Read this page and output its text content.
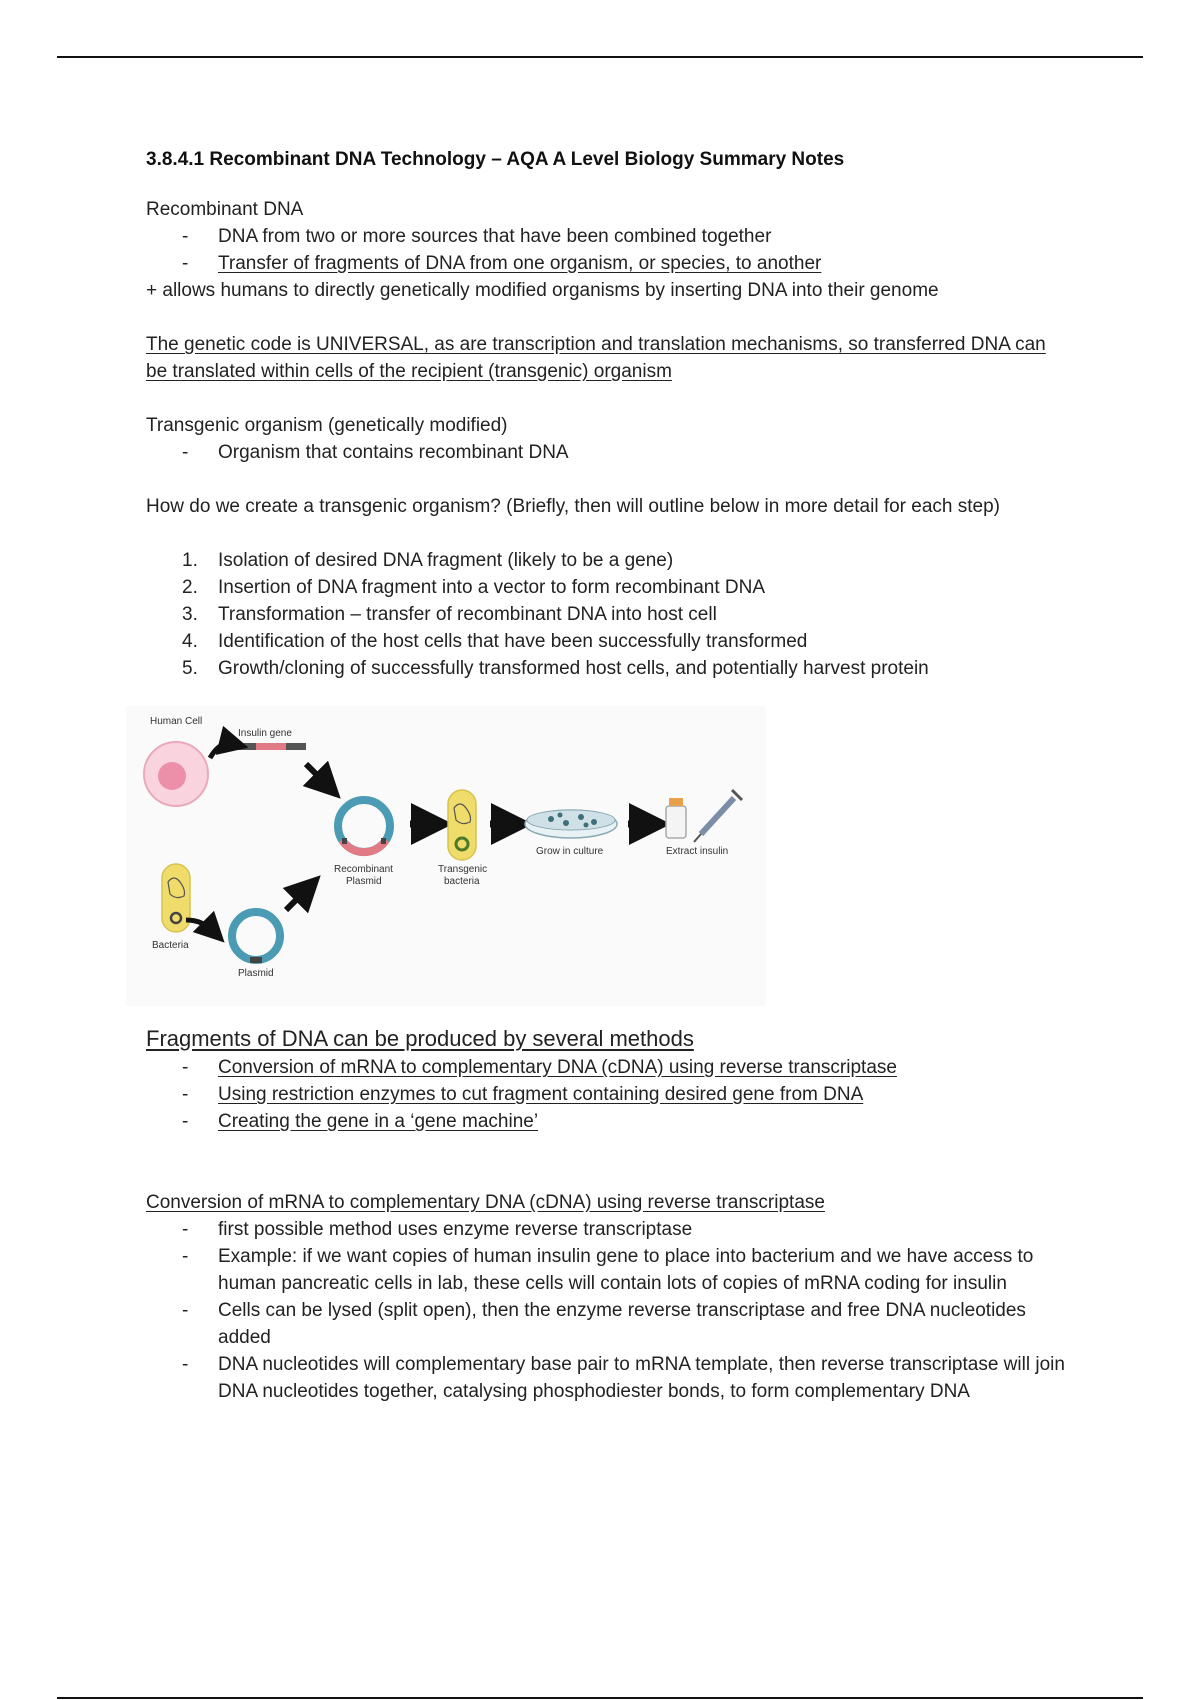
3.8.4.1 Recombinant DNA Technology – AQA A Level Biology Summary Notes

Recombinant DNA

- DNA from two or more sources that have been combined together
- Transfer of fragments of DNA from one organism, or species, to another

+ allows humans to directly genetically modified organisms by inserting DNA into their genome

The genetic code is UNIVERSAL, as are transcription and translation mechanisms, so transferred DNA can be translated within cells of the recipient (transgenic) organism

Transgenic organism (genetically modified)

- Organism that contains recombinant DNA

How do we create a transgenic organism? (Briefly, then will outline below in more detail for each step)

1. Isolation of desired DNA fragment (likely to be a gene)
2. Insertion of DNA fragment into a vector to form recombinant DNA
3. Transformation – transfer of recombinant DNA into host cell
4. Identification of the host cells that have been successfully transformed
5. Growth/cloning of successfully transformed host cells, and potentially harvest protein
Human Cell
Insulin gene
Recombinant
Plasmid
Transgenic
bacteria
Grow in culture	Extract insulin
Bacteria
Plasmid

Fragments of DNA can be produced by several methods

- Conversion of mRNA to complementary DNA (cDNA) using reverse transcriptase
- Using restriction enzymes to cut fragment containing desired gene from DNA
- Creating the gene in a ‘gene machine’

Conversion of mRNA to complementary DNA (cDNA) using reverse transcriptase

- first possible method uses enzyme reverse transcriptase
- Example: if we want copies of human insulin gene to place into bacterium and we have access to human pancreatic cells in lab, these cells will contain lots of copies of mRNA coding for insulin
- Cells can be lysed (split open), then the enzyme reverse transcriptase and free DNA nucleotides added
- DNA nucleotides will complementary base pair to mRNA template, then reverse transcriptase will join DNA nucleotides together, catalysing phosphodiester bonds, to form complementary DNA
